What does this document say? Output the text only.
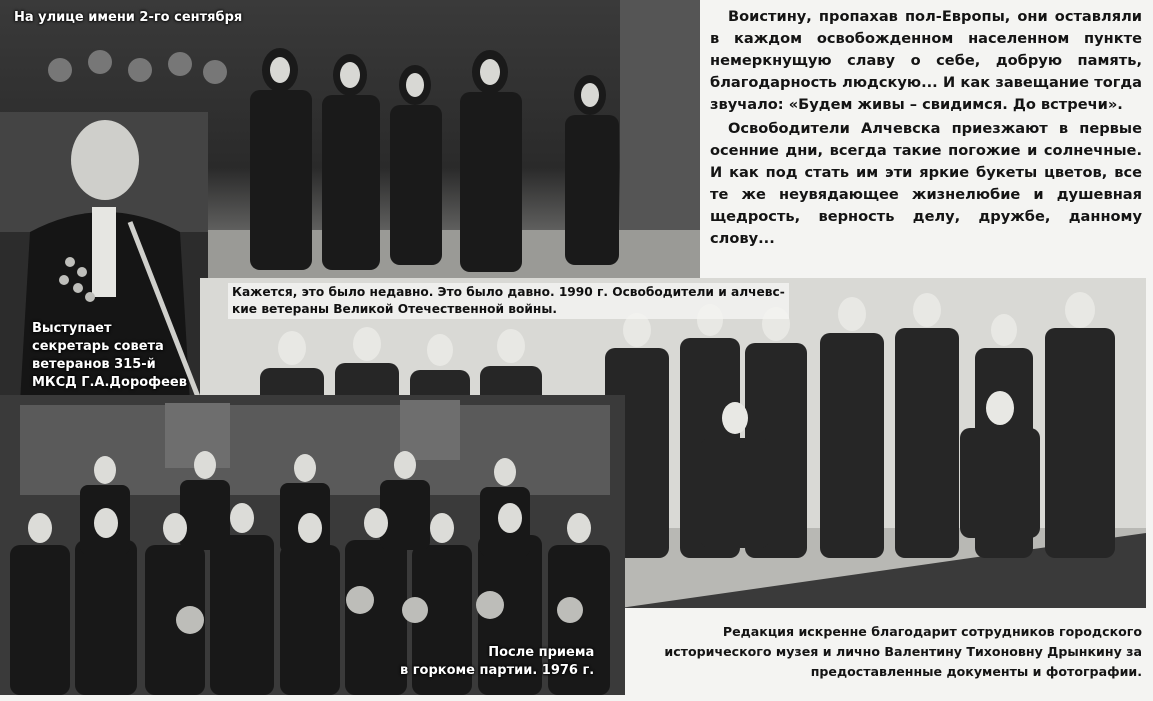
На улице имени 2-го сентября
Выступает
секретарь совета
ветеранов 315-й
МКСД Г.А.Дорофеев
Кажется, это было недавно. Это было давно. 1990 г. Освободители и алчевс-
кие ветераны Великой Отечественной войны.
После приема
в горкоме партии. 1976 г.

Воистину, пропахав пол-Европы, они оставляли в каждом освобожденном населенном пункте немеркнущую славу о себе, добрую память, благодарность людскую... И как завещание тогда звучало: «Будем живы – свидимся. До встречи».

Освободители Алчевска приезжают в первые осенние дни, всегда такие погожие и солнечные. И как под стать им эти яркие букеты цветов, все те же неувядающее жизнелюбие и душевная щедрость, верность делу, дружбе, данному слову...

Редакция искренне благодарит сотрудников городского исторического музея и лично Валентину Тихоновну Дрынкину за предоставленные документы и фотографии.
